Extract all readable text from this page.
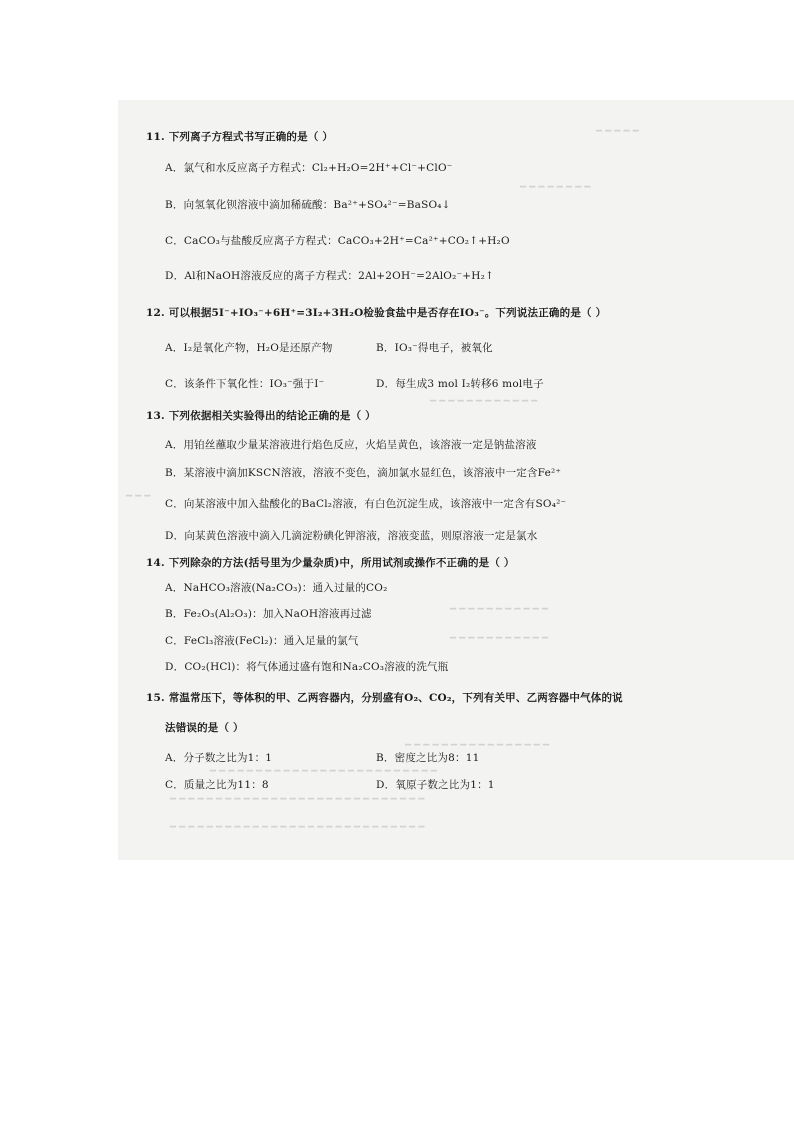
━ ━ ━ ━ ━
━ ━ ━ ━ ━ ━ ━ ━
━ ━ ━ ━ ━ ━ ━ ━ ━ ━ ━ ━
━ ━ ━
━ ━ ━ ━ ━ ━ ━ ━ ━ ━ ━
━ ━ ━ ━ ━ ━ ━ ━ ━ ━ ━
━ ━ ━ ━ ━ ━ ━ ━ ━ ━ ━ ━ ━ ━ ━ ━
━ ━ ━ ━ ━ ━ ━ ━ ━ ━ ━ ━ ━ ━ ━ ━ ━ ━ ━ ━ ━ ━ ━ ━ ━
━ ━ ━ ━ ━ ━ ━ ━ ━ ━ ━ ━ ━ ━ ━ ━ ━ ━ ━ ━ ━ ━ ━ ━ ━ ━ ━ ━
━ ━ ━ ━ ━ ━ ━ ━ ━ ━ ━ ━ ━ ━ ━ ━ ━ ━ ━ ━ ━ ━ ━ ━ ━ ━ ━ ━
11. 下列离子方程式书写正确的是（ ）
A．氯气和水反应离子方程式：Cl₂+H₂O=2H⁺+Cl⁻+ClO⁻
B．向氢氧化钡溶液中滴加稀硫酸：Ba²⁺+SO₄²⁻=BaSO₄↓
C．CaCO₃与盐酸反应离子方程式：CaCO₃+2H⁺=Ca²⁺+CO₂↑+H₂O
D．Al和NaOH溶液反应的离子方程式：2Al+2OH⁻=2AlO₂⁻+H₂↑
12. 可以根据5I⁻+IO₃⁻+6H⁺=3I₂+3H₂O检验食盐中是否存在IO₃⁻。下列说法正确的是（ ）
A．I₂是氧化产物，H₂O是还原产物	B．IO₃⁻得电子，被氧化
C．该条件下氧化性：IO₃⁻强于I⁻	D．每生成3 mol I₂转移6 mol电子
13. 下列依据相关实验得出的结论正确的是（ ）
A．用铂丝蘸取少量某溶液进行焰色反应，火焰呈黄色，该溶液一定是钠盐溶液
B．某溶液中滴加KSCN溶液，溶液不变色，滴加氯水显红色，该溶液中一定含Fe²⁺
C．向某溶液中加入盐酸化的BaCl₂溶液，有白色沉淀生成，该溶液中一定含有SO₄²⁻
D．向某黄色溶液中滴入几滴淀粉碘化钾溶液，溶液变蓝，则原溶液一定是氯水
14. 下列除杂的方法(括号里为少量杂质)中，所用试剂或操作不正确的是（ ）
A．NaHCO₃溶液(Na₂CO₃)：通入过量的CO₂
B．Fe₂O₃(Al₂O₃)：加入NaOH溶液再过滤
C．FeCl₃溶液(FeCl₂)：通入足量的氯气
D．CO₂(HCl)：将气体通过盛有饱和Na₂CO₃溶液的洗气瓶
15. 常温常压下，等体积的甲、乙两容器内，分别盛有O₂、CO₂，下列有关甲、乙两容器中气体的说
法错误的是（ ）
A．分子数之比为1：1	B．密度之比为8：11
C．质量之比为11：8	D．氧原子数之比为1：1
